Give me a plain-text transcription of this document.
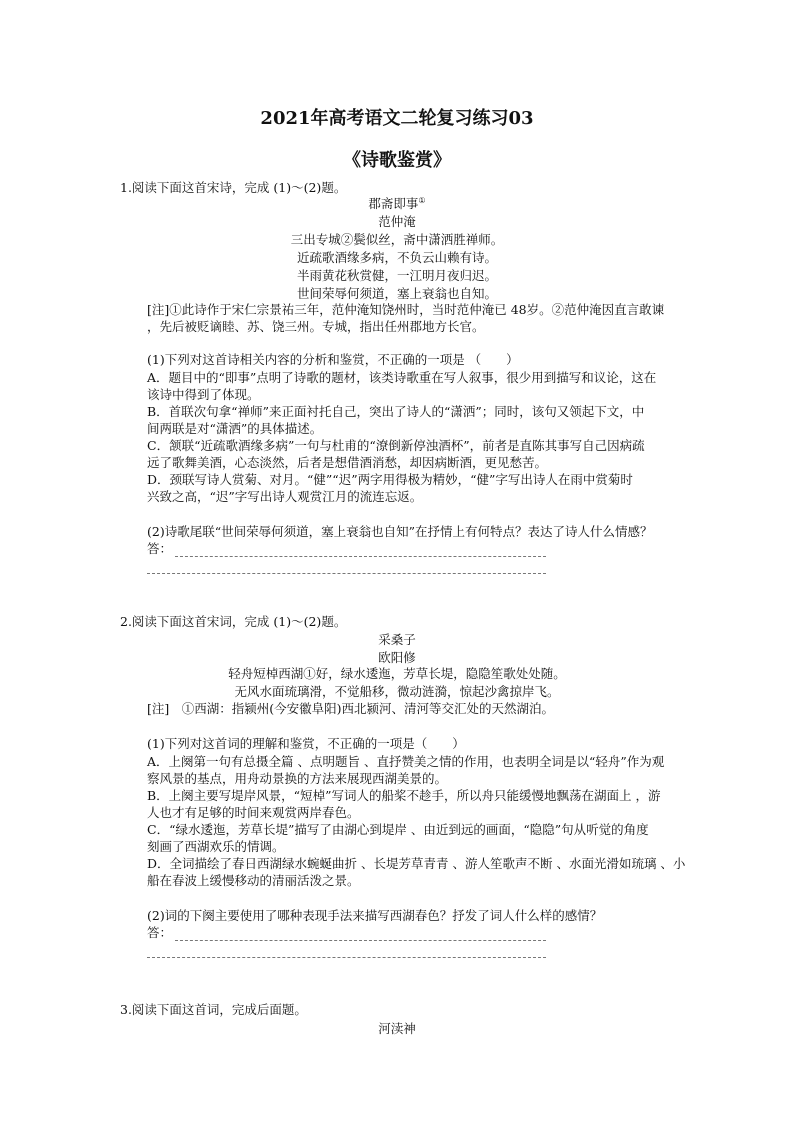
2021年高考语文二轮复习练习03
《诗歌鉴赏》
1.阅读下面这首宋诗，完成 (1)～(2)题。
郡斋即事①
范仲淹
三出专城②鬓似丝，斋中潇洒胜禅师。
近疏歌酒缘多病，不负云山赖有诗。
半雨黄花秋赏健，一江明月夜归迟。
世间荣辱何须道，塞上衰翁也自知。
[注]①此诗作于宋仁宗景祐三年，范仲淹知饶州时，当时范仲淹已 48岁。②范仲淹因直言敢谏
，先后被贬谪睦、苏、饶三州。专城，指出任州郡地方长官。
(1)下列对这首诗相关内容的分析和鉴赏，不正确的一项是 （　　）
A．题目中的“即事”点明了诗歌的题材，该类诗歌重在写人叙事，很少用到描写和议论，这在
该诗中得到了体现。
B．首联次句拿“禅师”来正面衬托自己，突出了诗人的“潇洒”；同时，该句又领起下文，中
间两联是对“潇洒”的具体描述。
C．颔联“近疏歌酒缘多病”一句与杜甫的“潦倒新停浊酒杯”，前者是直陈其事写自己因病疏
远了歌舞美酒，心态淡然，后者是想借酒消愁，却因病断酒，更见愁苦。
D．颈联写诗人赏菊、对月。“健”“迟”两字用得极为精妙，“健”字写出诗人在雨中赏菊时
兴致之高，“迟”字写出诗人观赏江月的流连忘返。
(2)诗歌尾联“世间荣辱何须道，塞上衰翁也自知”在抒情上有何特点？表达了诗人什么情感？
答：
2.阅读下面这首宋词，完成 (1)～(2)题。
采桑子
欧阳修
轻舟短棹西湖①好，绿水逶迤，芳草长堤，隐隐笙歌处处随。
无风水面琉璃滑，不觉船移，微动涟漪，惊起沙禽掠岸飞。
[注]　①西湖：指颍州(今安徽阜阳)西北颍河、清河等交汇处的天然湖泊。
(1)下列对这首词的理解和鉴赏，不正确的一项是（　　）
A．上阕第一句有总摄全篇 、点明题旨 、直抒赞美之情的作用，也表明全词是以“轻舟”作为观
察风景的基点，用舟动景换的方法来展现西湖美景的。
B．上阕主要写堤岸风景，“短棹”写词人的船桨不趁手，所以舟只能缓慢地飘荡在湖面上 ，游
人也才有足够的时间来观赏两岸春色。
C．“绿水逶迤，芳草长堤”描写了由湖心到堤岸 、由近到远的画面，“隐隐”句从听觉的角度
刻画了西湖欢乐的情调。
D．全词描绘了春日西湖绿水蜿蜒曲折 、长堤芳草青青 、游人笙歌声不断 、水面光滑如琉璃 、小
船在春波上缓慢移动的清丽活泼之景。
(2)词的下阕主要使用了哪种表现手法来描写西湖春色？抒发了词人什么样的感情？
答：
3.阅读下面这首词，完成后面题。
河渎神
